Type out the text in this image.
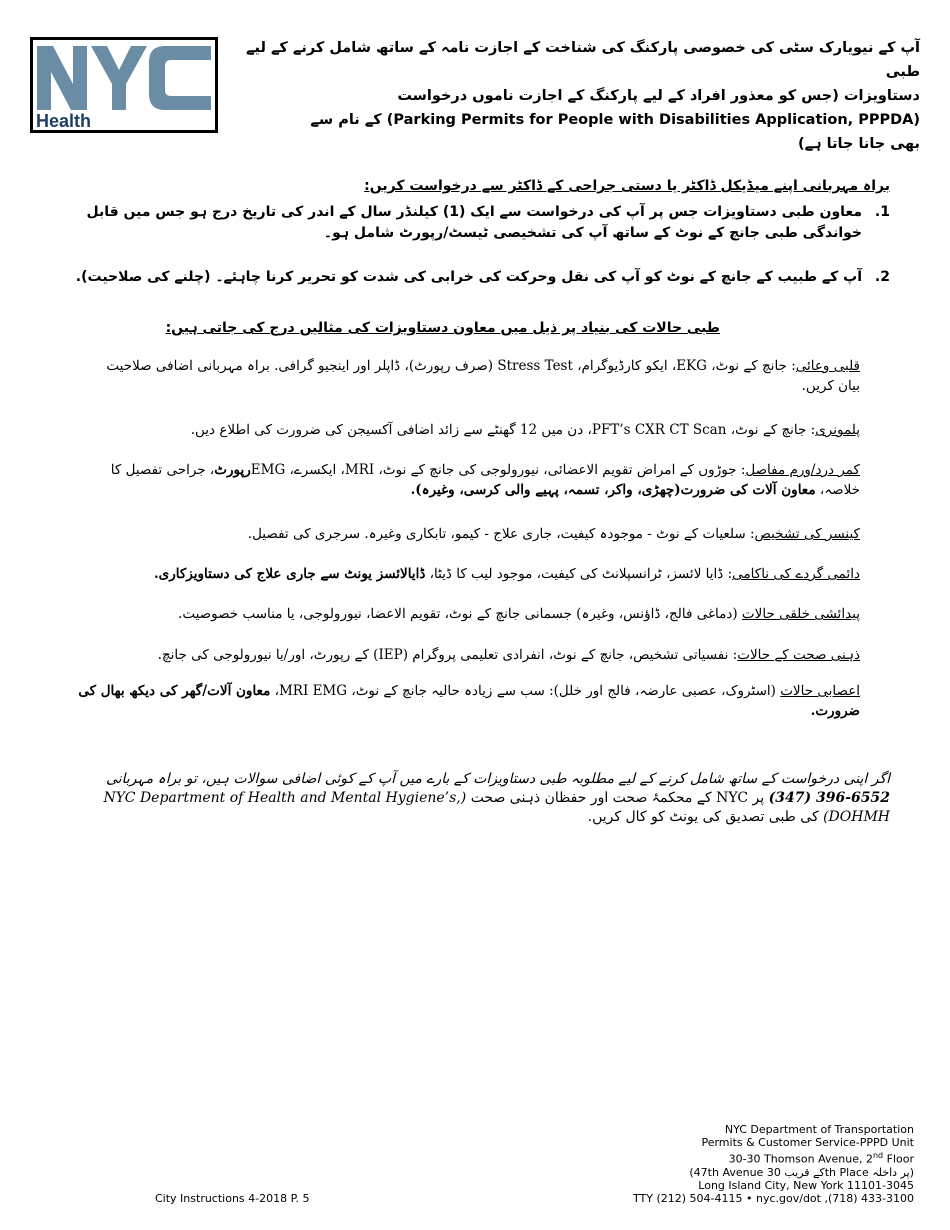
Health
آپ کے نیویارک سٹی کی خصوصی پارکنگ کی شناخت کے اجازت نامہ کے ساتھ شامل کرنے کے لیے طبی
دستاویزات (جس کو معذور افراد کے لیے پارکنگ کے اجازت ناموں درخواست
(Parking Permits for People with Disabilities Application, PPPDA) کے نام سے
بھی جانا جاتا ہے)
براہ مہربانی اپنے میڈیکل ڈاکٹر یا دستی جراحی کے ڈاکٹر سے درخواست کریں:
1.
معاون طبی دستاویزات جس پر آپ کی درخواست سے ایک (1) کیلنڈر سال کے اندر کی تاریخ درج ہو جس میں قابل خواندگی طبی جانچ کے نوٹ کے ساتھ آپ کی تشخیصی ٹیسٹ/رپورٹ شامل ہو۔
2.
آپ کے طبیب کے جانچ کے نوٹ کو آپ کی نقل وحرکت کی خرابی کی شدت کو تحریر کرنا چاہئے۔ (چلنے کی صلاحیت).
طبی حالات کی بنیاد پر ذیل میں معاون دستاویزات کی مثالیں درج کی جاتی ہیں:
قلبی وعائی: جانچ کے نوٹ، EKG، ایکو کارڈیوگرام، Stress Test (صرف رپورٹ)، ڈاپلر اور اینجیو گرافی. براہ مہربانی اضافی صلاحیت بیان کریں.
پلمونری: جانچ کے نوٹ، PFT’s CXR CT Scan، دن میں 12 گھنٹے سے زائد اضافی آکسیجن کی ضرورت کی اطلاع دیں.
کمر درد/ورم مفاصل: جوڑوں کے امراض تقویم الاعضائی، نیورولوجی کی جانچ کے نوٹ، MRI، ایکسرے، EMGرپورٹ، جراحی تفصیل کا خلاصہ، معاون آلات کی ضرورت(چھڑی، واکر، تسمہ، پہیے والی کرسی، وغیرہ).
کینسر کی تشخیص: سلعیات کے نوٹ - موجودہ کیفیت، جاری علاج - کیمو، تابکاری وغیرہ. سرجری کی تفصیل.
دائمی گردے کی ناکامی: ڈایا لائسز، ٹرانسپلانٹ کی کیفیت، موجود لیب کا ڈیٹا، ڈایالائسز یونٹ سے جاری علاج کی دستاویزکاری.
پیدائشی خلقی حالات (دماغی فالج، ڈاؤنس، وغیرہ) جسمانی جانچ کے نوٹ، تقویم الاعضا، نیورولوجی، یا مناسب خصوصیت.
ذہنی صحت کے حالات: نفسیاتی تشخیص، جانچ کے نوٹ، انفرادی تعلیمی پروگرام (IEP) کے رپورٹ، اور/یا نیورولوجی کی جانچ.
اعصابی حالات (اسٹروک، عصبی عارضہ، فالج اور خلل): سب سے زیادہ حالیہ جانچ کے نوٹ، MRI EMG، معاون آلات/گھر کی دیکھ بھال کی ضرورت.
اگر اپنی درخواست کے ساتھ شامل کرنے کے لیے مطلوبہ طبی دستاویزات کے بارے میں آپ کے کوئی اضافی سوالات ہیں، تو براہ مہربانی 6552-396 (347) پر NYC کے محکمۂ صحت اور حفظان ذہنی صحت (NYC Department of Health and Mental Hygiene’s, DOHMH) کی طبی تصدیق کی یونٹ کو کال کریں.
NYC Department of Transportation
Permits & Customer Service-PPPD Unit
30-30 Thomson Avenue, 2nd Floor
(47th Avenue کے قریب 30th Place پر داخلہ)
Long Island City, New York 11101-3045
TTY (212) 504-4115 • nyc.gov/dot ,(718) 433-3100
City Instructions 4-2018 P. 5
